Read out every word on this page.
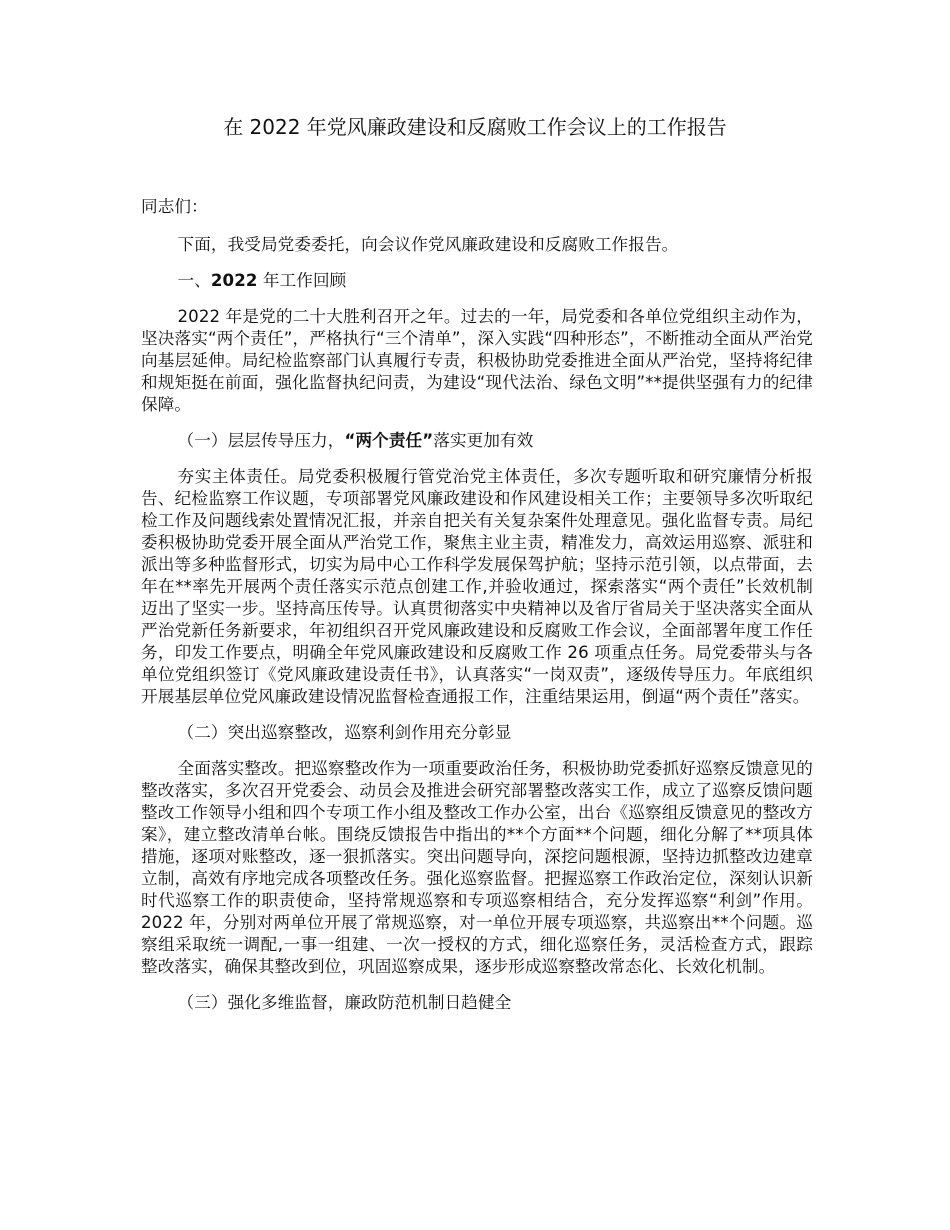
在 2022 年党风廉政建设和反腐败工作会议上的工作报告

同志们：

下面，我受局党委委托，向会议作党风廉政建设和反腐败工作报告。

一、2022 年工作回顾

2022 年是党的二十大胜利召开之年。过去的一年，局党委和各单位党组织主动作为，坚决落实“两个责任”，严格执行“三个清单”，深入实践“四种形态”，不断推动全面从严治党向基层延伸。局纪检监察部门认真履行专责，积极协助党委推进全面从严治党，坚持将纪律和规矩挺在前面，强化监督执纪问责，为建设“现代法治、绿色文明”**提供坚强有力的纪律保障。

（一）层层传导压力，“两个责任”落实更加有效

夯实主体责任。局党委积极履行管党治党主体责任，多次专题听取和研究廉情分析报告、纪检监察工作议题，专项部署党风廉政建设和作风建设相关工作；主要领导多次听取纪检工作及问题线索处置情况汇报，并亲自把关有关复杂案件处理意见。强化监督专责。局纪委积极协助党委开展全面从严治党工作，聚焦主业主责，精准发力，高效运用巡察、派驻和派出等多种监督形式，切实为局中心工作科学发展保驾护航；坚持示范引领，以点带面，去年在**率先开展两个责任落实示范点创建工作,并验收通过，探索落实“两个责任”长效机制迈出了坚实一步。坚持高压传导。认真贯彻落实中央精神以及省厅省局关于坚决落实全面从严治党新任务新要求，年初组织召开党风廉政建设和反腐败工作会议，全面部署年度工作任务，印发工作要点，明确全年党风廉政建设和反腐败工作 26 项重点任务。局党委带头与各单位党组织签订《党风廉政建设责任书》，认真落实“一岗双责”，逐级传导压力。年底组织开展基层单位党风廉政建设情况监督检查通报工作，注重结果运用，倒逼“两个责任”落实。

（二）突出巡察整改，巡察利剑作用充分彰显

全面落实整改。把巡察整改作为一项重要政治任务，积极协助党委抓好巡察反馈意见的整改落实，多次召开党委会、动员会及推进会研究部署整改落实工作，成立了巡察反馈问题整改工作领导小组和四个专项工作小组及整改工作办公室，出台《巡察组反馈意见的整改方案》，建立整改清单台帐。围绕反馈报告中指出的**个方面**个问题，细化分解了**项具体措施，逐项对账整改，逐一狠抓落实。突出问题导向，深挖问题根源，坚持边抓整改边建章立制，高效有序地完成各项整改任务。强化巡察监督。把握巡察工作政治定位，深刻认识新时代巡察工作的职责使命，坚持常规巡察和专项巡察相结合，充分发挥巡察“利剑”作用。2022 年，分别对两单位开展了常规巡察，对一单位开展专项巡察，共巡察出**个问题。巡察组采取统一调配,一事一组建、一次一授权的方式，细化巡察任务，灵活检查方式，跟踪整改落实，确保其整改到位，巩固巡察成果，逐步形成巡察整改常态化、长效化机制。

（三）强化多维监督，廉政防范机制日趋健全
